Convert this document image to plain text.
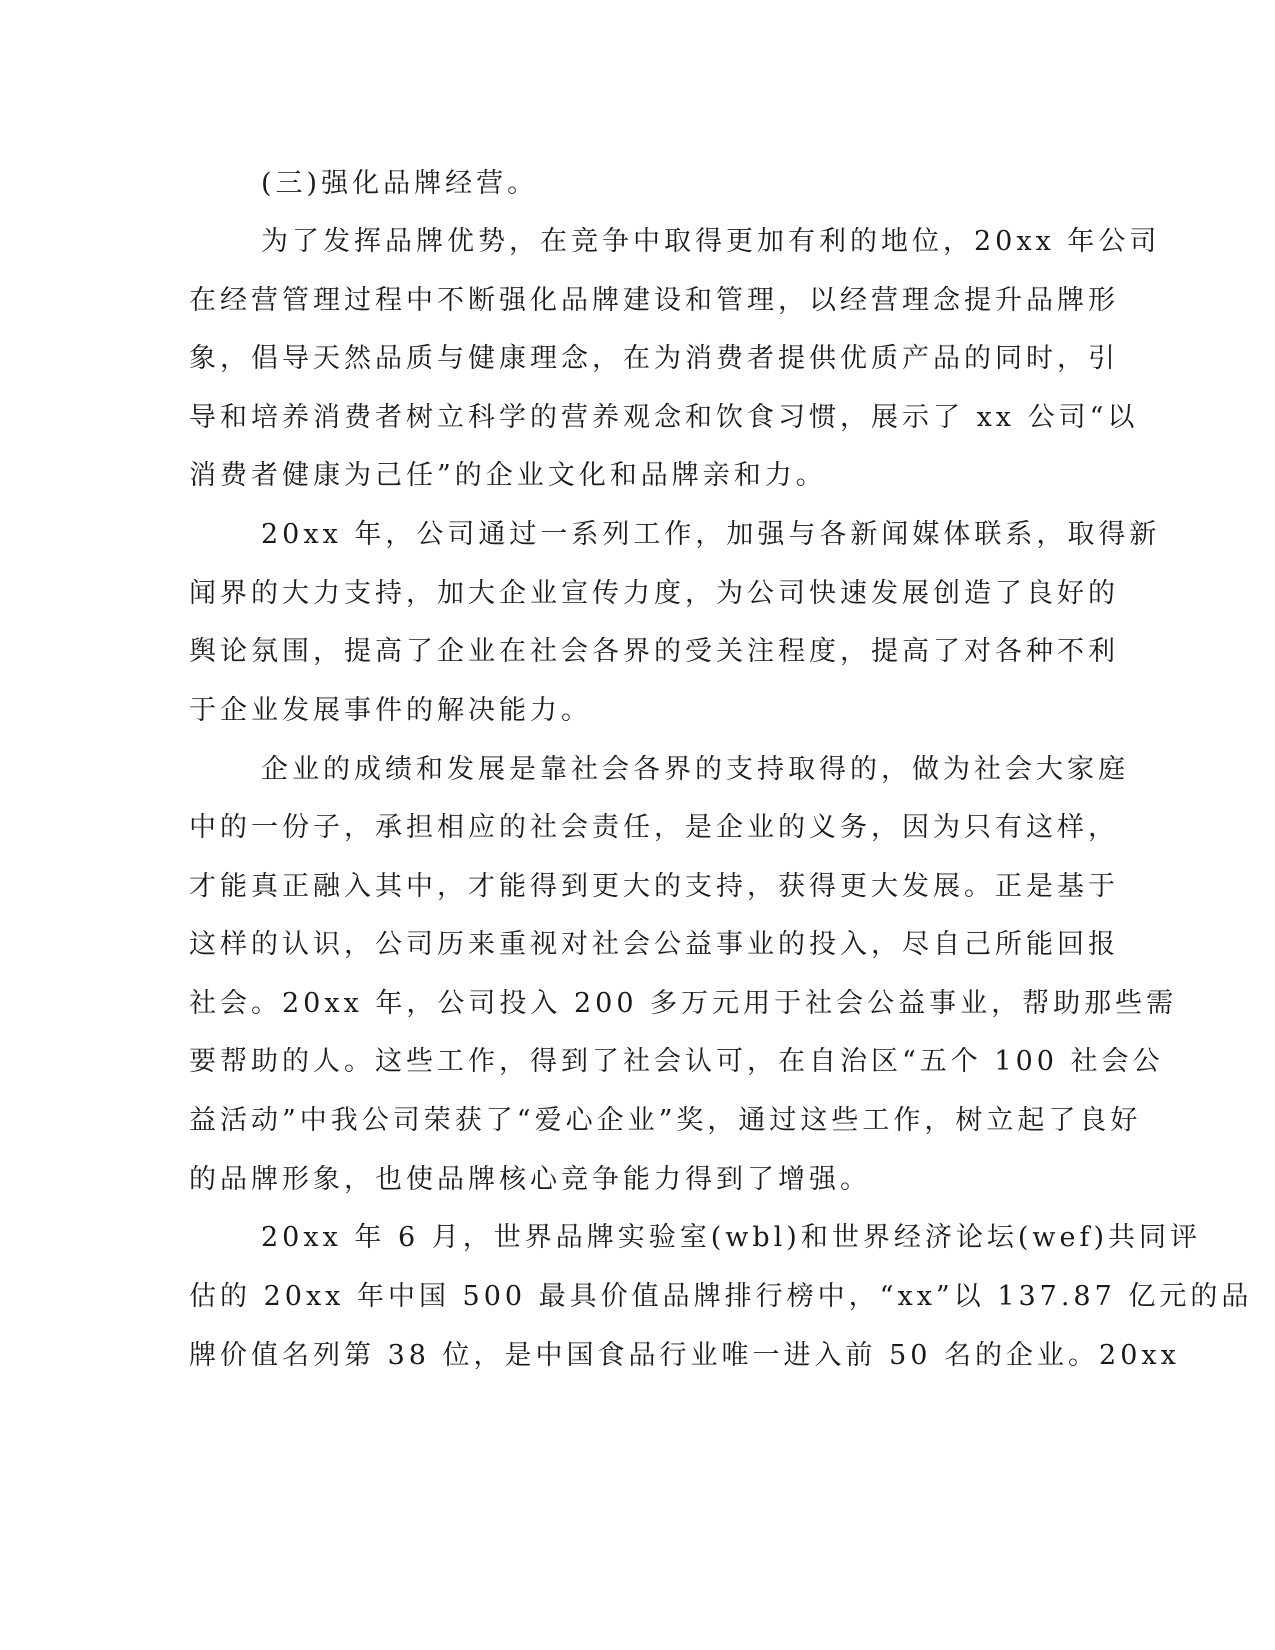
(三)强化品牌经营。
为了发挥品牌优势，在竞争中取得更加有利的地位，20xx 年公司
在经营管理过程中不断强化品牌建设和管理，以经营理念提升品牌形
象，倡导天然品质与健康理念，在为消费者提供优质产品的同时，引
导和培养消费者树立科学的营养观念和饮食习惯，展示了 xx 公司“以
消费者健康为己任”的企业文化和品牌亲和力。
20xx 年，公司通过一系列工作，加强与各新闻媒体联系，取得新
闻界的大力支持，加大企业宣传力度，为公司快速发展创造了良好的
舆论氛围，提高了企业在社会各界的受关注程度，提高了对各种不利
于企业发展事件的解决能力。
企业的成绩和发展是靠社会各界的支持取得的，做为社会大家庭
中的一份子，承担相应的社会责任，是企业的义务，因为只有这样，
才能真正融入其中，才能得到更大的支持，获得更大发展。正是基于
这样的认识，公司历来重视对社会公益事业的投入，尽自己所能回报
社会。20xx 年，公司投入 200 多万元用于社会公益事业，帮助那些需
要帮助的人。这些工作，得到了社会认可，在自治区“五个 100 社会公
益活动”中我公司荣获了“爱心企业”奖，通过这些工作，树立起了良好
的品牌形象，也使品牌核心竞争能力得到了增强。
20xx 年 6 月，世界品牌实验室(wbl)和世界经济论坛(wef)共同评
估的 20xx 年中国 500 最具价值品牌排行榜中，“xx”以 137.87 亿元的品
牌价值名列第 38 位，是中国食品行业唯一进入前 50 名的企业。20xx
